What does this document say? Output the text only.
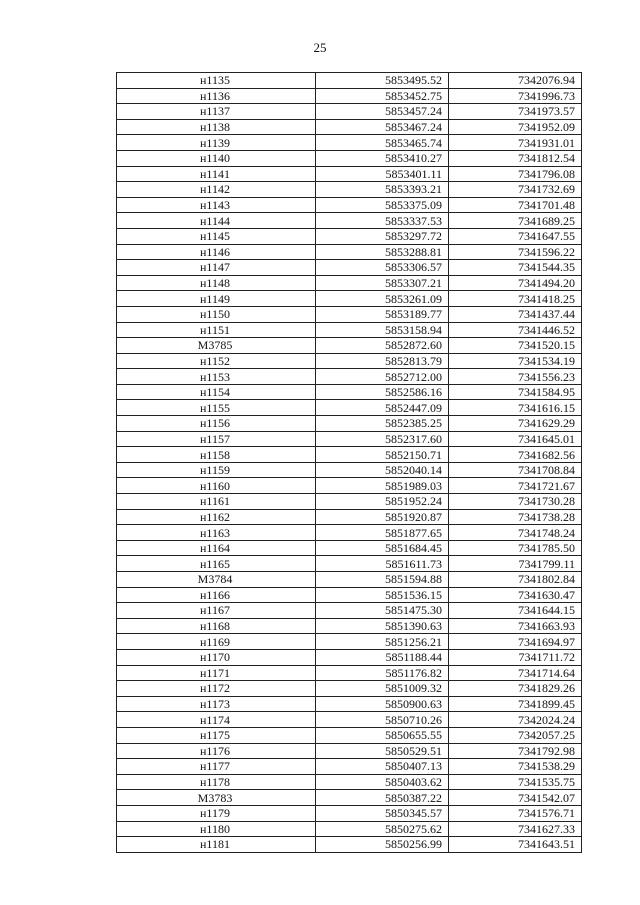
25
н1135	5853495.52	7342076.94
н1136	5853452.75	7341996.73
н1137	5853457.24	7341973.57
н1138	5853467.24	7341952.09
н1139	5853465.74	7341931.01
н1140	5853410.27	7341812.54
н1141	5853401.11	7341796.08
н1142	5853393.21	7341732.69
н1143	5853375.09	7341701.48
н1144	5853337.53	7341689.25
н1145	5853297.72	7341647.55
н1146	5853288.81	7341596.22
н1147	5853306.57	7341544.35
н1148	5853307.21	7341494.20
н1149	5853261.09	7341418.25
н1150	5853189.77	7341437.44
н1151	5853158.94	7341446.52
М3785	5852872.60	7341520.15
н1152	5852813.79	7341534.19
н1153	5852712.00	7341556.23
н1154	5852586.16	7341584.95
н1155	5852447.09	7341616.15
н1156	5852385.25	7341629.29
н1157	5852317.60	7341645.01
н1158	5852150.71	7341682.56
н1159	5852040.14	7341708.84
н1160	5851989.03	7341721.67
н1161	5851952.24	7341730.28
н1162	5851920.87	7341738.28
н1163	5851877.65	7341748.24
н1164	5851684.45	7341785.50
н1165	5851611.73	7341799.11
М3784	5851594.88	7341802.84
н1166	5851536.15	7341630.47
н1167	5851475.30	7341644.15
н1168	5851390.63	7341663.93
н1169	5851256.21	7341694.97
н1170	5851188.44	7341711.72
н1171	5851176.82	7341714.64
н1172	5851009.32	7341829.26
н1173	5850900.63	7341899.45
н1174	5850710.26	7342024.24
н1175	5850655.55	7342057.25
н1176	5850529.51	7341792.98
н1177	5850407.13	7341538.29
н1178	5850403.62	7341535.75
М3783	5850387.22	7341542.07
н1179	5850345.57	7341576.71
н1180	5850275.62	7341627.33
н1181	5850256.99	7341643.51
